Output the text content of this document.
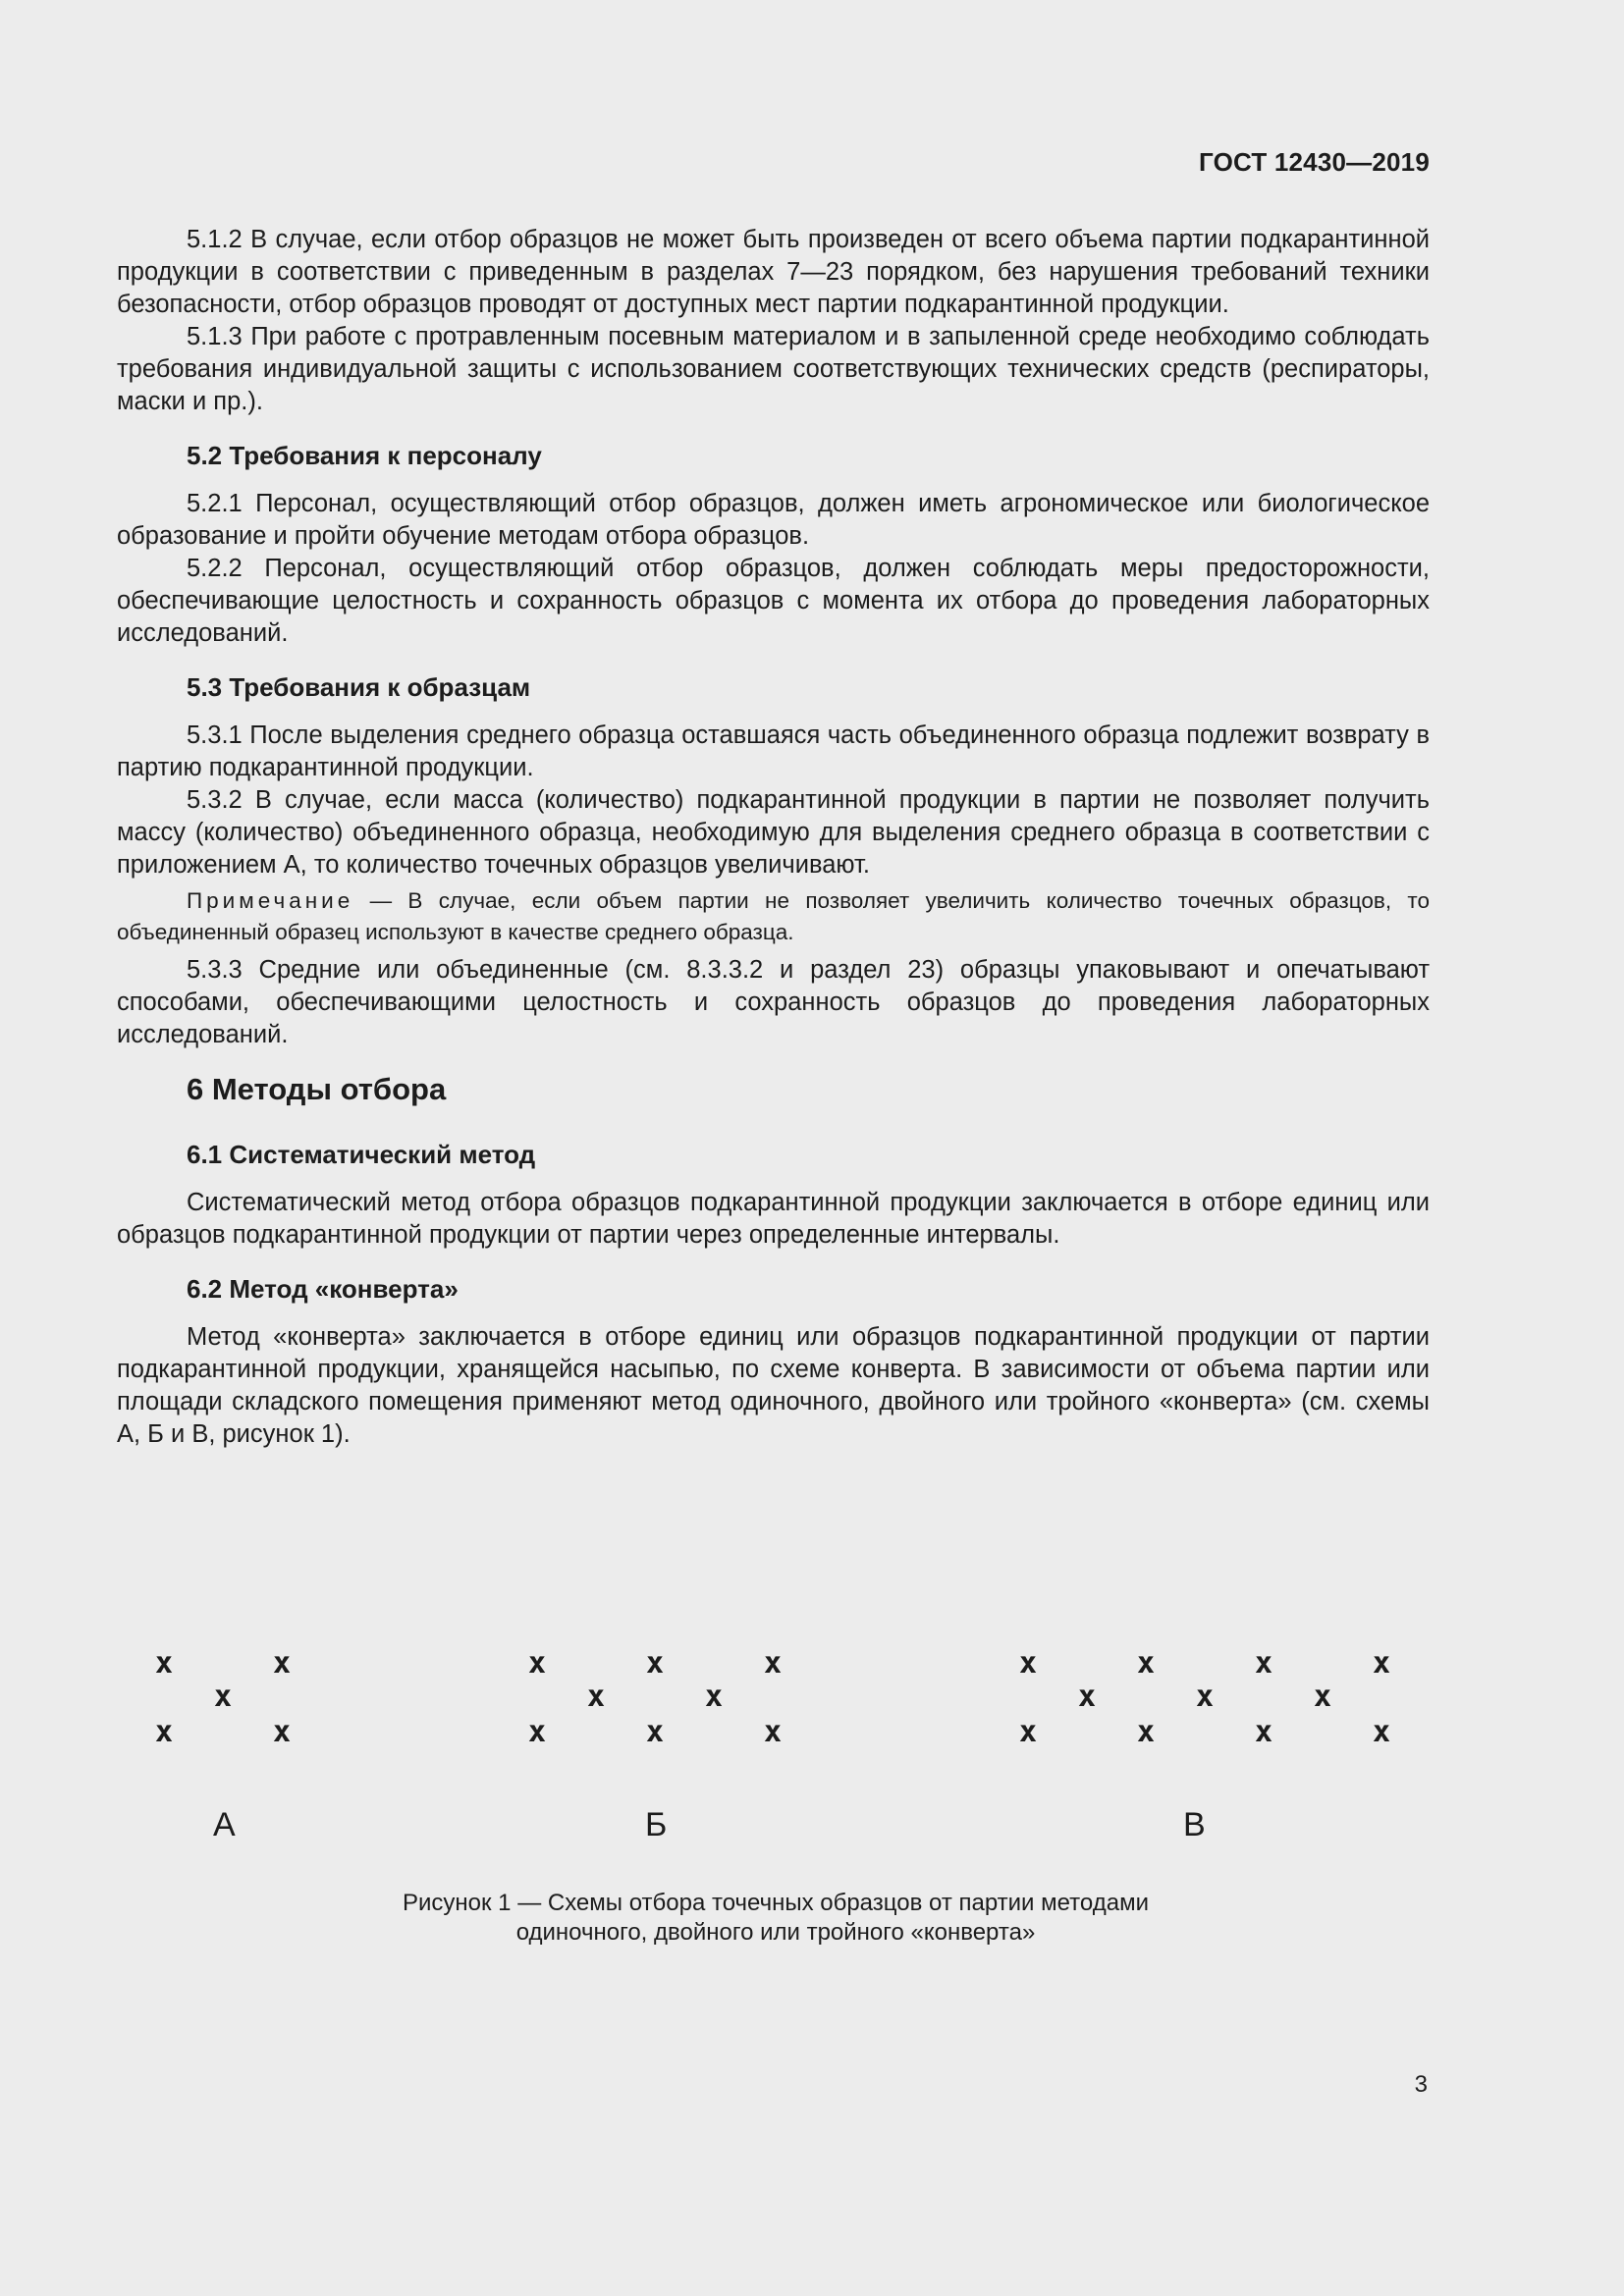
ГОСТ 12430—2019

5.1.2 В случае, если отбор образцов не может быть произведен от всего объема партии подкарантинной продукции в соответствии с приведенным в разделах 7—23 порядком, без нарушения требований техники безопасности, отбор образцов проводят от доступных мест партии подкарантинной продукции.

5.1.3 При работе с протравленным посевным материалом и в запыленной среде необходимо соблюдать требования индивидуальной защиты с использованием соответствующих технических средств (респираторы, маски и пр.).

5.2 Требования к персоналу

5.2.1 Персонал, осуществляющий отбор образцов, должен иметь агрономическое или биологическое образование и пройти обучение методам отбора образцов.

5.2.2 Персонал, осуществляющий отбор образцов, должен соблюдать меры предосторожности, обеспечивающие целостность и сохранность образцов с момента их отбора до проведения лабораторных исследований.

5.3 Требования к образцам

5.3.1 После выделения среднего образца оставшаяся часть объединенного образца подлежит возврату в партию подкарантинной продукции.

5.3.2 В случае, если масса (количество) подкарантинной продукции в партии не позволяет получить массу (количество) объединенного образца, необходимую для выделения среднего образца в соответствии с приложением А, то количество точечных образцов увеличивают.

Примечание — В случае, если объем партии не позволяет увеличить количество точечных образцов, то объединенный образец используют в качестве среднего образца.

5.3.3 Средние или объединенные (см. 8.3.3.2 и раздел 23) образцы упаковывают и опечатывают способами, обеспечивающими целостность и сохранность образцов до проведения лабораторных исследований.

6 Методы отбора
6.1 Систематический метод

Систематический метод отбора образцов подкарантинной продукции заключается в отборе единиц или образцов подкарантинной продукции от партии через определенные интервалы.

6.2 Метод «конверта»

Метод «конверта» заключается в отборе единиц или образцов подкарантинной продукции от партии подкарантинной продукции, хранящейся насыпью, по схеме конверта. В зависимости от объема партии или площади складского помещения применяют метод одиночного, двойного или тройного «конверта» (см. схемы А, Б и В, рисунок 1).

x	x
x
x	x
А
x	x	x
x	x
x	x	x
Б
x	x	x	x
x	x	x
x	x	x	x
В
Рисунок 1 — Схемы отбора точечных образцов от партии методами
одиночного, двойного или тройного «конверта»
3
